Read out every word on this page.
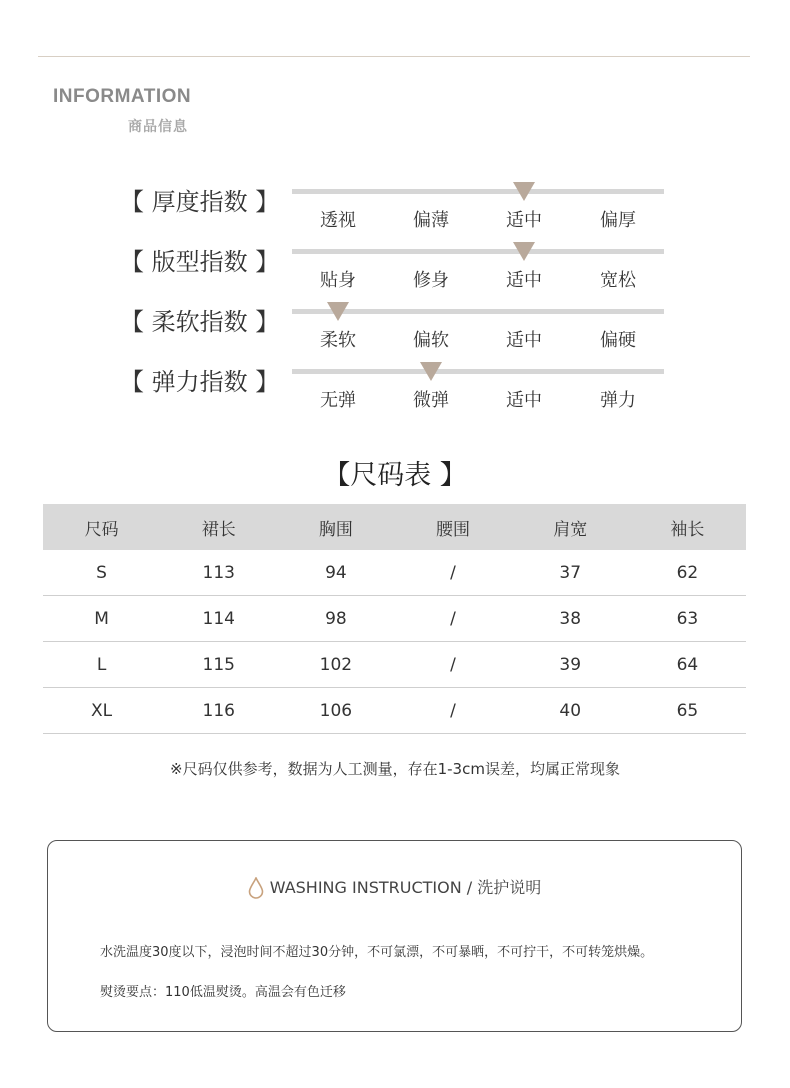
INFORMATION
商品信息
【 厚度指数 】
透视	偏薄	适中	偏厚
【 版型指数 】
贴身	修身	适中	宽松
【 柔软指数 】
柔软	偏软	适中	偏硬
【 弹力指数 】
无弹	微弹	适中	弹力
【尺码表 】
尺码	裙长	胸围	腰围	肩宽	袖长
S	113	94	/	37	62
M	114	98	/	38	63
L	115	102	/	39	64
XL	116	106	/	40	65
※尺码仅供参考，数据为人工测量，存在1-3cm误差，均属正常现象
WASHING INSTRUCTION / 洗护说明
水洗温度30度以下，浸泡时间不超过30分钟，不可氯漂，不可暴晒，不可拧干，不可转笼烘燥。
熨烫要点：110低温熨烫。高温会有色迁移
